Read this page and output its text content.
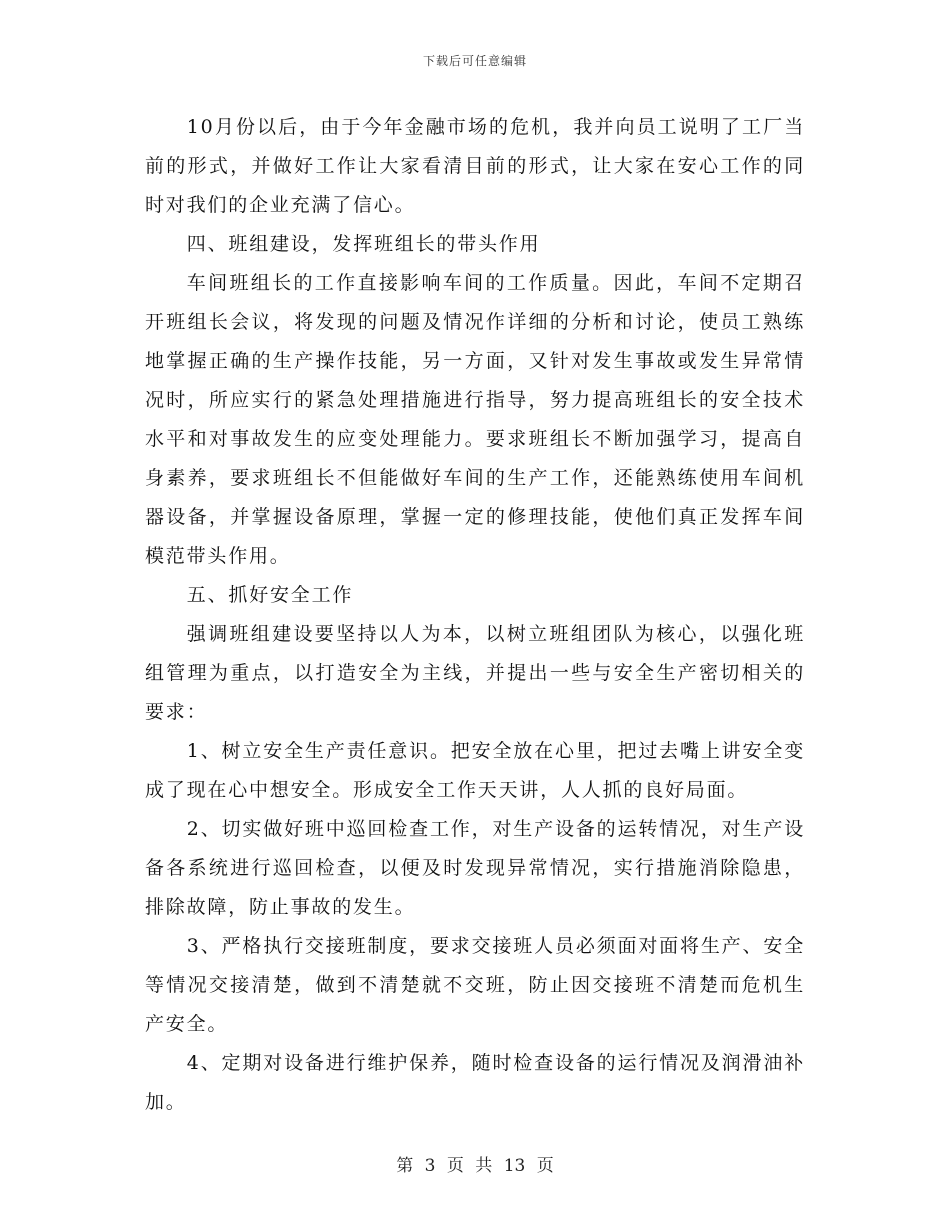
下载后可任意编辑

10月份以后，由于今年金融市场的危机，我并向员工说明了工厂当前的形式，并做好工作让大家看清目前的形式，让大家在安心工作的同时对我们的企业充满了信心。

四、班组建设，发挥班组长的带头作用

车间班组长的工作直接影响车间的工作质量。因此，车间不定期召开班组长会议，将发现的问题及情况作详细的分析和讨论，使员工熟练地掌握正确的生产操作技能，另一方面，又针对发生事故或发生异常情况时，所应实行的紧急处理措施进行指导，努力提高班组长的安全技术水平和对事故发生的应变处理能力。要求班组长不断加强学习，提高自身素养，要求班组长不但能做好车间的生产工作，还能熟练使用车间机器设备，并掌握设备原理，掌握一定的修理技能，使他们真正发挥车间模范带头作用。

五、抓好安全工作

强调班组建设要坚持以人为本，以树立班组团队为核心，以强化班组管理为重点，以打造安全为主线，并提出一些与安全生产密切相关的要求：

1、树立安全生产责任意识。把安全放在心里，把过去嘴上讲安全变成了现在心中想安全。形成安全工作天天讲，人人抓的良好局面。

2、切实做好班中巡回检查工作，对生产设备的运转情况，对生产设备各系统进行巡回检查，以便及时发现异常情况，实行措施消除隐患，排除故障，防止事故的发生。

3、严格执行交接班制度，要求交接班人员必须面对面将生产、安全等情况交接清楚，做到不清楚就不交班，防止因交接班不清楚而危机生产安全。

4、定期对设备进行维护保养，随时检查设备的运行情况及润滑油补加。

第 3 页 共 13 页
